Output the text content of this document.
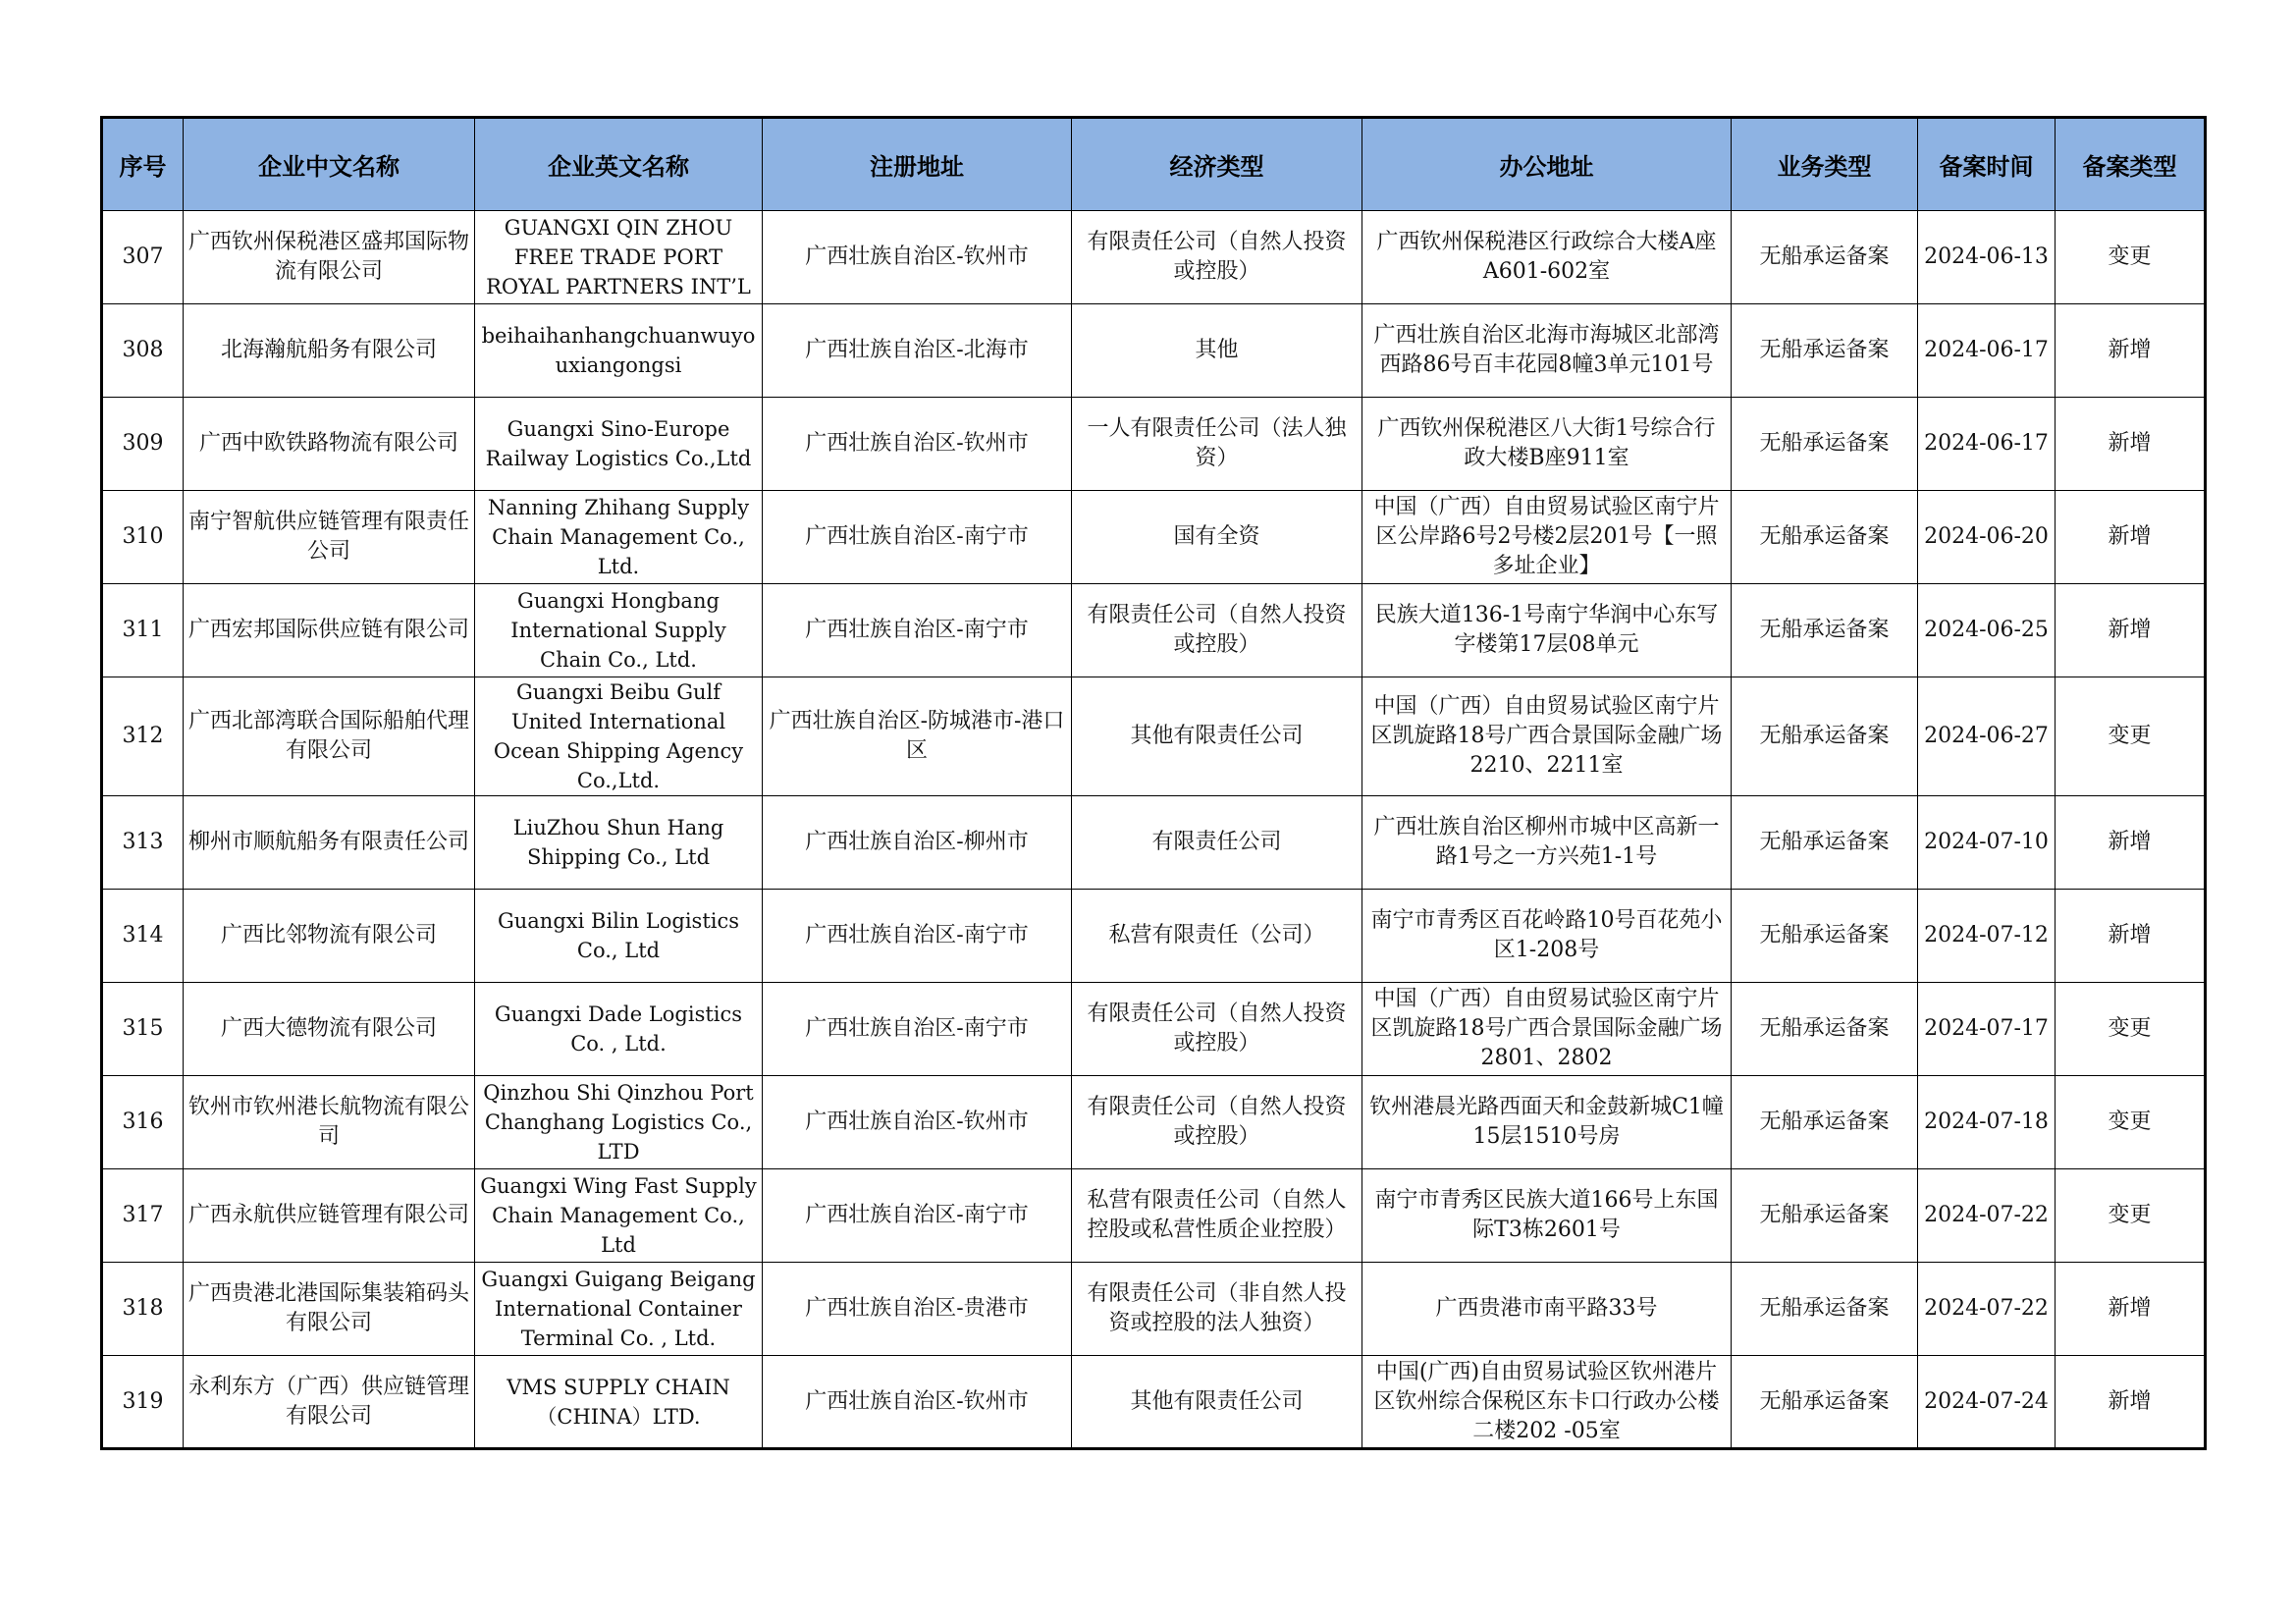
序号	企业中文名称	企业英文名称	注册地址	经济类型	办公地址	业务类型	备案时间	备案类型
307	广西钦州保税港区盛邦国际物流有限公司	GUANGXI QIN ZHOU FREE TRADE PORT ROYAL PARTNERS INT’L	广西壮族自治区-钦州市	有限责任公司（自然人投资或控股）	广西钦州保税港区行政综合大楼A座A601-602室	无船承运备案	2024-06-13	变更
308	北海瀚航船务有限公司	beihaihanhangchuanwuyouxiangongsi	广西壮族自治区-北海市	其他	广西壮族自治区北海市海城区北部湾西路86号百丰花园8幢3单元101号	无船承运备案	2024-06-17	新增
309	广西中欧铁路物流有限公司	Guangxi Sino-Europe Railway Logistics Co.,Ltd	广西壮族自治区-钦州市	一人有限责任公司（法人独资）	广西钦州保税港区八大街1号综合行政大楼B座911室	无船承运备案	2024-06-17	新增
310	南宁智航供应链管理有限责任公司	Nanning Zhihang Supply Chain Management Co., Ltd.	广西壮族自治区-南宁市	国有全资	中国（广西）自由贸易试验区南宁片区公岸路6号2号楼2层201号【一照多址企业】	无船承运备案	2024-06-20	新增
311	广西宏邦国际供应链有限公司	Guangxi Hongbang International Supply Chain Co., Ltd.	广西壮族自治区-南宁市	有限责任公司（自然人投资或控股）	民族大道136-1号南宁华润中心东写字楼第17层08单元	无船承运备案	2024-06-25	新增
312	广西北部湾联合国际船舶代理有限公司	Guangxi Beibu Gulf United International Ocean Shipping Agency Co.,Ltd.	广西壮族自治区-防城港市-港口区	其他有限责任公司	中国（广西）自由贸易试验区南宁片区凯旋路18号广西合景国际金融广场2210、2211室	无船承运备案	2024-06-27	变更
313	柳州市顺航船务有限责任公司	LiuZhou Shun Hang Shipping Co., Ltd	广西壮族自治区-柳州市	有限责任公司	广西壮族自治区柳州市城中区高新一路1号之一方兴苑1-1号	无船承运备案	2024-07-10	新增
314	广西比邻物流有限公司	Guangxi Bilin Logistics Co., Ltd	广西壮族自治区-南宁市	私营有限责任（公司）	南宁市青秀区百花岭路10号百花苑小区1-208号	无船承运备案	2024-07-12	新增
315	广西大德物流有限公司	Guangxi Dade Logistics Co. , Ltd.	广西壮族自治区-南宁市	有限责任公司（自然人投资或控股）	中国（广西）自由贸易试验区南宁片区凯旋路18号广西合景国际金融广场2801、2802	无船承运备案	2024-07-17	变更
316	钦州市钦州港长航物流有限公司	Qinzhou Shi Qinzhou Port Changhang Logistics Co., LTD	广西壮族自治区-钦州市	有限责任公司（自然人投资或控股）	钦州港晨光路西面天和金鼓新城C1幢15层1510号房	无船承运备案	2024-07-18	变更
317	广西永航供应链管理有限公司	Guangxi Wing Fast Supply Chain Management Co., Ltd	广西壮族自治区-南宁市	私营有限责任公司（自然人控股或私营性质企业控股）	南宁市青秀区民族大道166号上东国际T3栋2601号	无船承运备案	2024-07-22	变更
318	广西贵港北港国际集装箱码头有限公司	Guangxi Guigang Beigang International Container Terminal Co. , Ltd.	广西壮族自治区-贵港市	有限责任公司（非自然人投资或控股的法人独资）	广西贵港市南平路33号	无船承运备案	2024-07-22	新增
319	永利东方（广西）供应链管理有限公司	VMS SUPPLY CHAIN（CHINA）LTD.	广西壮族自治区-钦州市	其他有限责任公司	中国(广西)自由贸易试验区钦州港片区钦州综合保税区东卡口行政办公楼二楼202 -05室	无船承运备案	2024-07-24	新增
